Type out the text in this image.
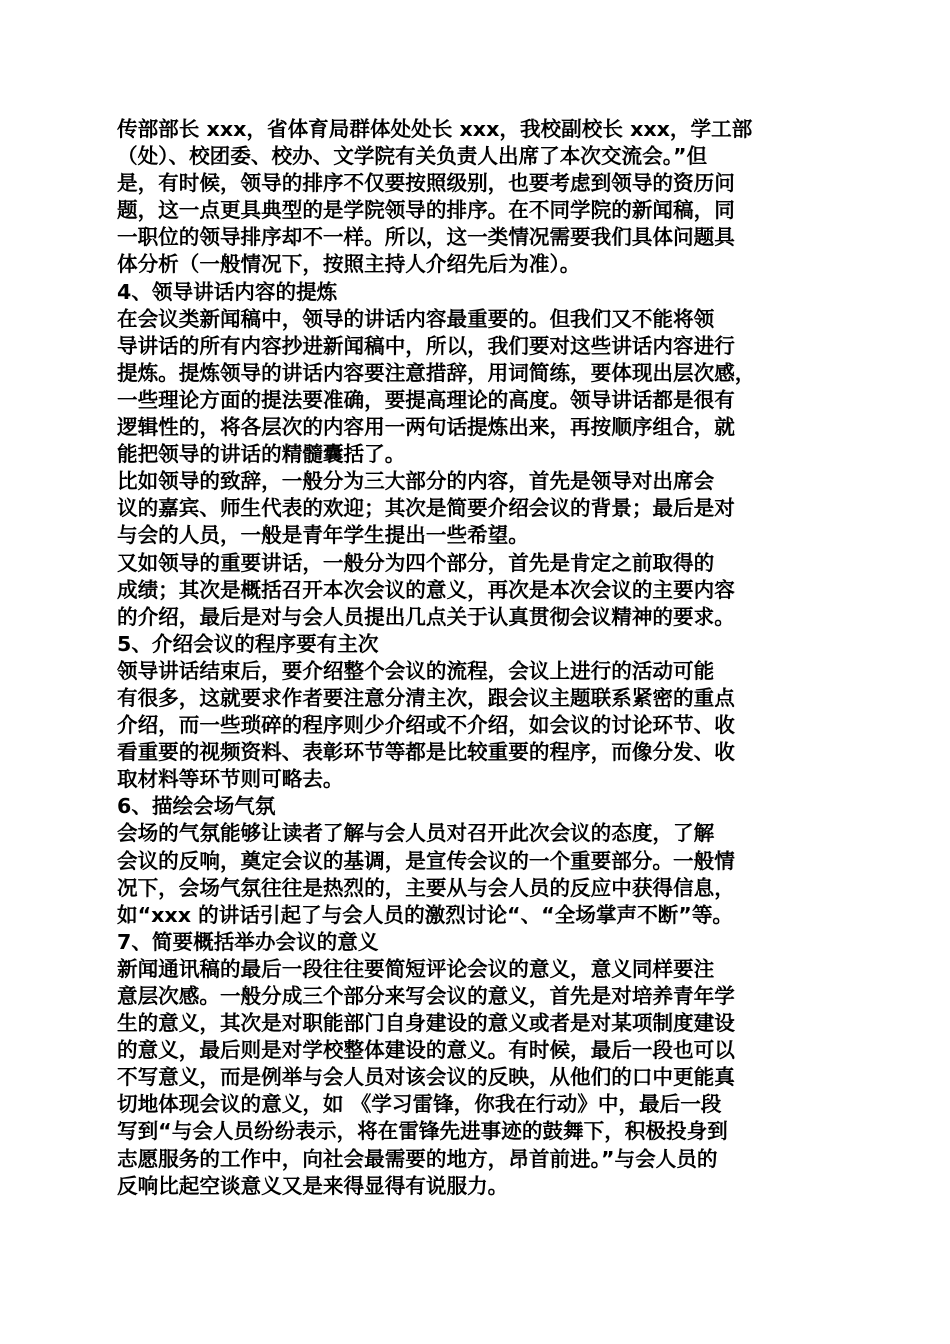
传部部长 xxx，省体育局群体处处长 xxx，我校副校长 xxx，学工部
（处）、校团委、校办、文学院有关负责人出席了本次交流会。”但
是，有时候，领导的排序不仅要按照级别，也要考虑到领导的资历问
题，这一点更具典型的是学院领导的排序。在不同学院的新闻稿，同
一职位的领导排序却不一样。所以，这一类情况需要我们具体问题具
体分析（一般情况下，按照主持人介绍先后为准）。
4、领导讲话内容的提炼
在会议类新闻稿中，领导的讲话内容最重要的。但我们又不能将领
导讲话的所有内容抄进新闻稿中，所以，我们要对这些讲话内容进行
提炼。提炼领导的讲话内容要注意措辞，用词简练，要体现出层次感，
一些理论方面的提法要准确，要提高理论的高度。领导讲话都是很有
逻辑性的，将各层次的内容用一两句话提炼出来，再按顺序组合，就
能把领导的讲话的精髓囊括了。
比如领导的致辞，一般分为三大部分的内容，首先是领导对出席会
议的嘉宾、师生代表的欢迎；其次是简要介绍会议的背景；最后是对
与会的人员，一般是青年学生提出一些希望。
又如领导的重要讲话，一般分为四个部分，首先是肯定之前取得的
成绩；其次是概括召开本次会议的意义，再次是本次会议的主要内容
的介绍，最后是对与会人员提出几点关于认真贯彻会议精神的要求。
5、介绍会议的程序要有主次
领导讲话结束后，要介绍整个会议的流程，会议上进行的活动可能
有很多，这就要求作者要注意分清主次，跟会议主题联系紧密的重点
介绍，而一些琐碎的程序则少介绍或不介绍，如会议的讨论环节、收
看重要的视频资料、表彰环节等都是比较重要的程序，而像分发、收
取材料等环节则可略去。
6、描绘会场气氛
会场的气氛能够让读者了解与会人员对召开此次会议的态度，了解
会议的反响，奠定会议的基调，是宣传会议的一个重要部分。一般情
况下，会场气氛往往是热烈的，主要从与会人员的反应中获得信息，
如“xxx 的讲话引起了与会人员的激烈讨论“、“全场掌声不断”等。
7、简要概括举办会议的意义
新闻通讯稿的最后一段往往要简短评论会议的意义，意义同样要注
意层次感。一般分成三个部分来写会议的意义，首先是对培养青年学
生的意义，其次是对职能部门自身建设的意义或者是对某项制度建设
的意义，最后则是对学校整体建设的意义。有时候，最后一段也可以
不写意义，而是例举与会人员对该会议的反映，从他们的口中更能真
切地体现会议的意义，如 《学习雷锋，你我在行动》中，最后一段
写到“与会人员纷纷表示，将在雷锋先进事迹的鼓舞下，积极投身到
志愿服务的工作中，向社会最需要的地方，昂首前进。”与会人员的
反响比起空谈意义又是来得显得有说服力。
